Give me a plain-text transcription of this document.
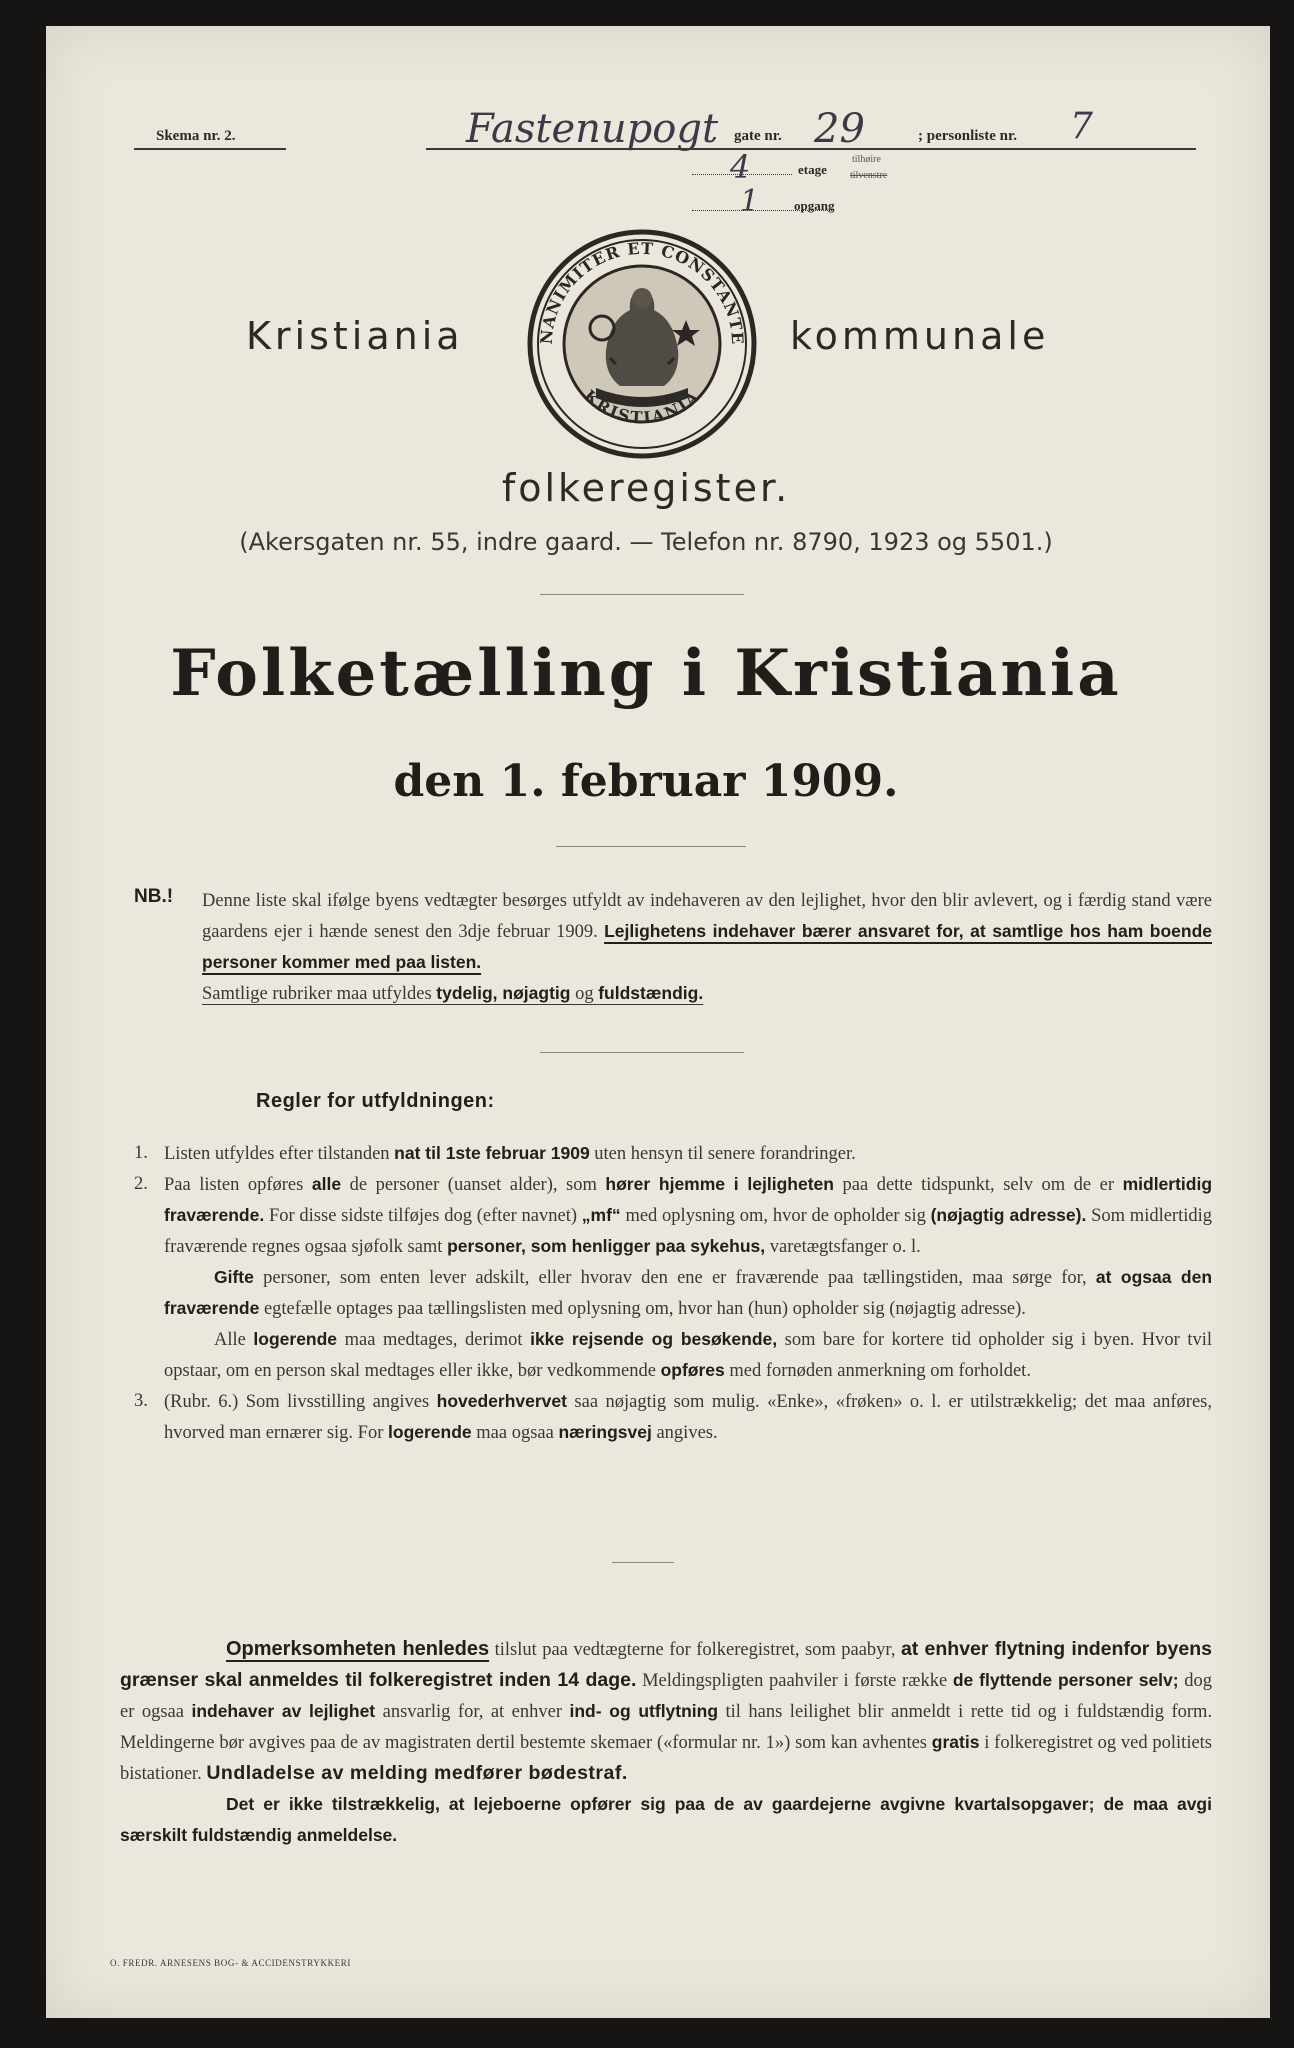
Skema nr. 2.	Fastenupogt gate nr. 29	; personliste nr. 7
4	etage
tilhøire
tilvenstre
1	opgang
Kristiania	kommunale
NANIMITER ET CONSTANTE
KRISTIANIA
folkeregister.
(Akersgaten nr. 55, indre gaard. — Telefon nr. 8790, 1923 og 5501.)
Folketælling i Kristiania
den 1. februar 1909.
NB.! Denne liste skal ifølge byens vedtægter besørges utfyldt av indehaveren av den lejlighet, hvor den blir avlevert, og i færdig stand være gaardens ejer i hænde senest den 3dje februar 1909. Lejlighetens indehaver bærer ansvaret for, at samtlige hos ham boende personer kommer med paa listen.
Samtlige rubriker maa utfyldes tydelig, nøjagtig og fuldstændig.
Regler for utfyldningen:
1. Listen utfyldes efter tilstanden nat til 1ste februar 1909 uten hensyn til senere forandringer.
2. Paa listen opføres alle de personer (uanset alder), som hører hjemme i lejligheten paa dette tidspunkt, selv om de er midlertidig fraværende. For disse sidste tilføjes dog (efter navnet) „mf“ med oplysning om, hvor de opholder sig (nøjagtig adresse). Som midlertidig fraværende regnes ogsaa sjøfolk samt personer, som henligger paa sykehus, varetægtsfanger o. l.
Gifte personer, som enten lever adskilt, eller hvorav den ene er fraværende paa tællingstiden, maa sørge for, at ogsaa den fraværende egtefælle optages paa tællingslisten med oplysning om, hvor han (hun) opholder sig (nøjagtig adresse).
Alle logerende maa medtages, derimot ikke rejsende og besøkende, som bare for kortere tid opholder sig i byen. Hvor tvil opstaar, om en person skal medtages eller ikke, bør vedkommende opføres med fornøden anmerkning om forholdet.
3. (Rubr. 6.) Som livsstilling angives hovederhvervet saa nøjagtig som mulig. «Enke», «frøken» o. l. er utilstrækkelig; det maa anføres, hvorved man ernærer sig. For logerende maa ogsaa næringsvej angives.
Opmerksomheten henledes tilslut paa vedtægterne for folkeregistret, som paabyr, at enhver flytning indenfor byens grænser skal anmeldes til folkeregistret inden 14 dage. Meldingspligten paahviler i første række de flyttende personer selv; dog er ogsaa indehaver av lejlighet ansvarlig for, at enhver ind- og utflytning til hans leilighet blir anmeldt i rette tid og i fuldstændig form. Meldingerne bør avgives paa de av magistraten dertil bestemte skemaer («formular nr. 1») som kan avhentes gratis i folkeregistret og ved politiets bistationer. Undladelse av melding medfører bødestraf.
Det er ikke tilstrækkelig, at lejeboerne opfører sig paa de av gaardejerne avgivne kvartalsopgaver; de maa avgi særskilt fuldstændig anmeldelse.
O. FREDR. ARNESENS BOG- & ACCIDENSTRYKKERI
